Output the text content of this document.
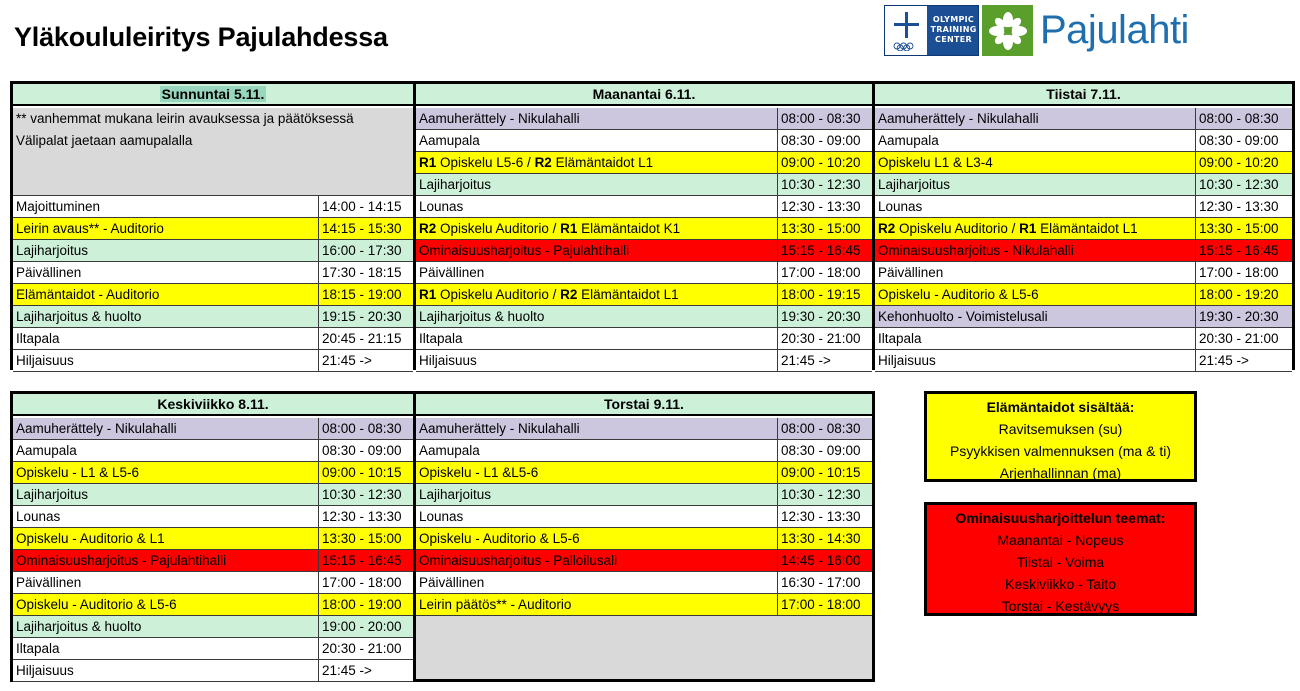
Yläkoululeiritys Pajulahdessa
OLYMPIC
TRAINING
CENTER Pajulahti
Sunnuntai 5.11.
** vanhemmat mukana leirin avauksessa ja päätöksessä
Välipalat jaetaan aamupalalla
Majoittuminen	14:00 - 14:15
Leirin avaus** - Auditorio	14:15 - 15:30
Lajiharjoitus	16:00 - 17:30
Päivällinen	17:30 - 18:15
Elämäntaidot - Auditorio	18:15 - 19:00
Lajiharjoitus & huolto	19:15 - 20:30
Iltapala	20:45 - 21:15
Hiljaisuus	21:45 ->
Maanantai 6.11.
Aamuherättely - Nikulahalli	08:00 - 08:30
Aamupala	08:30 - 09:00
R1 Opiskelu L5-6 / R2 Elämäntaidot L1	09:00 - 10:20
Lajiharjoitus	10:30 - 12:30
Lounas	12:30 - 13:30
R2 Opiskelu Auditorio / R1 Elämäntaidot K1	13:30 - 15:00
Ominaisuusharjoitus - Pajulahtihalli	15:15 - 16:45
Päivällinen	17:00 - 18:00
R1 Opiskelu Auditorio / R2 Elämäntaidot L1	18:00 - 19:15
Lajiharjoitus & huolto	19:30 - 20:30
Iltapala	20:30 - 21:00
Hiljaisuus	21:45 ->
Tiistai 7.11.
Aamuherättely - Nikulahalli	08:00 - 08:30
Aamupala	08:30 - 09:00
Opiskelu L1 & L3-4	09:00 - 10:20
Lajiharjoitus	10:30 - 12:30
Lounas	12:30 - 13:30
R2 Opiskelu Auditorio / R1 Elämäntaidot L1	13:30 - 15:00
Ominaisuusharjoitus - Nikulahalli	15:15 - 16:45
Päivällinen	17:00 - 18:00
Opiskelu - Auditorio & L5-6	18:00 - 19:20
Kehonhuolto - Voimistelusali	19:30 - 20:30
Iltapala	20:30 - 21:00
Hiljaisuus	21:45 ->
Keskiviikko 8.11.
Aamuherättely - Nikulahalli	08:00 - 08:30
Aamupala	08:30 - 09:00
Opiskelu - L1 & L5-6	09:00 - 10:15
Lajiharjoitus	10:30 - 12:30
Lounas	12:30 - 13:30
Opiskelu - Auditorio & L1	13:30 - 15:00
Ominaisuusharjoitus - Pajulahtihalli	15:15 - 16:45
Päivällinen	17:00 - 18:00
Opiskelu - Auditorio & L5-6	18:00 - 19:00
Lajiharjoitus & huolto	19:00 - 20:00
Iltapala	20:30 - 21:00
Hiljaisuus	21:45 ->
Torstai 9.11.
Aamuherättely - Nikulahalli	08:00 - 08:30
Aamupala	08:30 - 09:00
Opiskelu - L1 &L5-6	09:00 - 10:15
Lajiharjoitus	10:30 - 12:30
Lounas	12:30 - 13:30
Opiskelu - Auditorio & L5-6	13:30 - 14:30
Ominaisuusharjoitus - Palloilusali	14:45 - 16:00
Päivällinen	16:30 - 17:00
Leirin päätös** - Auditorio	17:00 - 18:00
Elämäntaidot sisältää:
Ravitsemuksen (su)
Psyykkisen valmennuksen (ma & ti)
Arjenhallinnan (ma)
Ominaisuusharjoittelun teemat:
Maanantai - Nopeus
Tiistai - Voima
Keskiviikko - Taito
Torstai - Kestävyys
